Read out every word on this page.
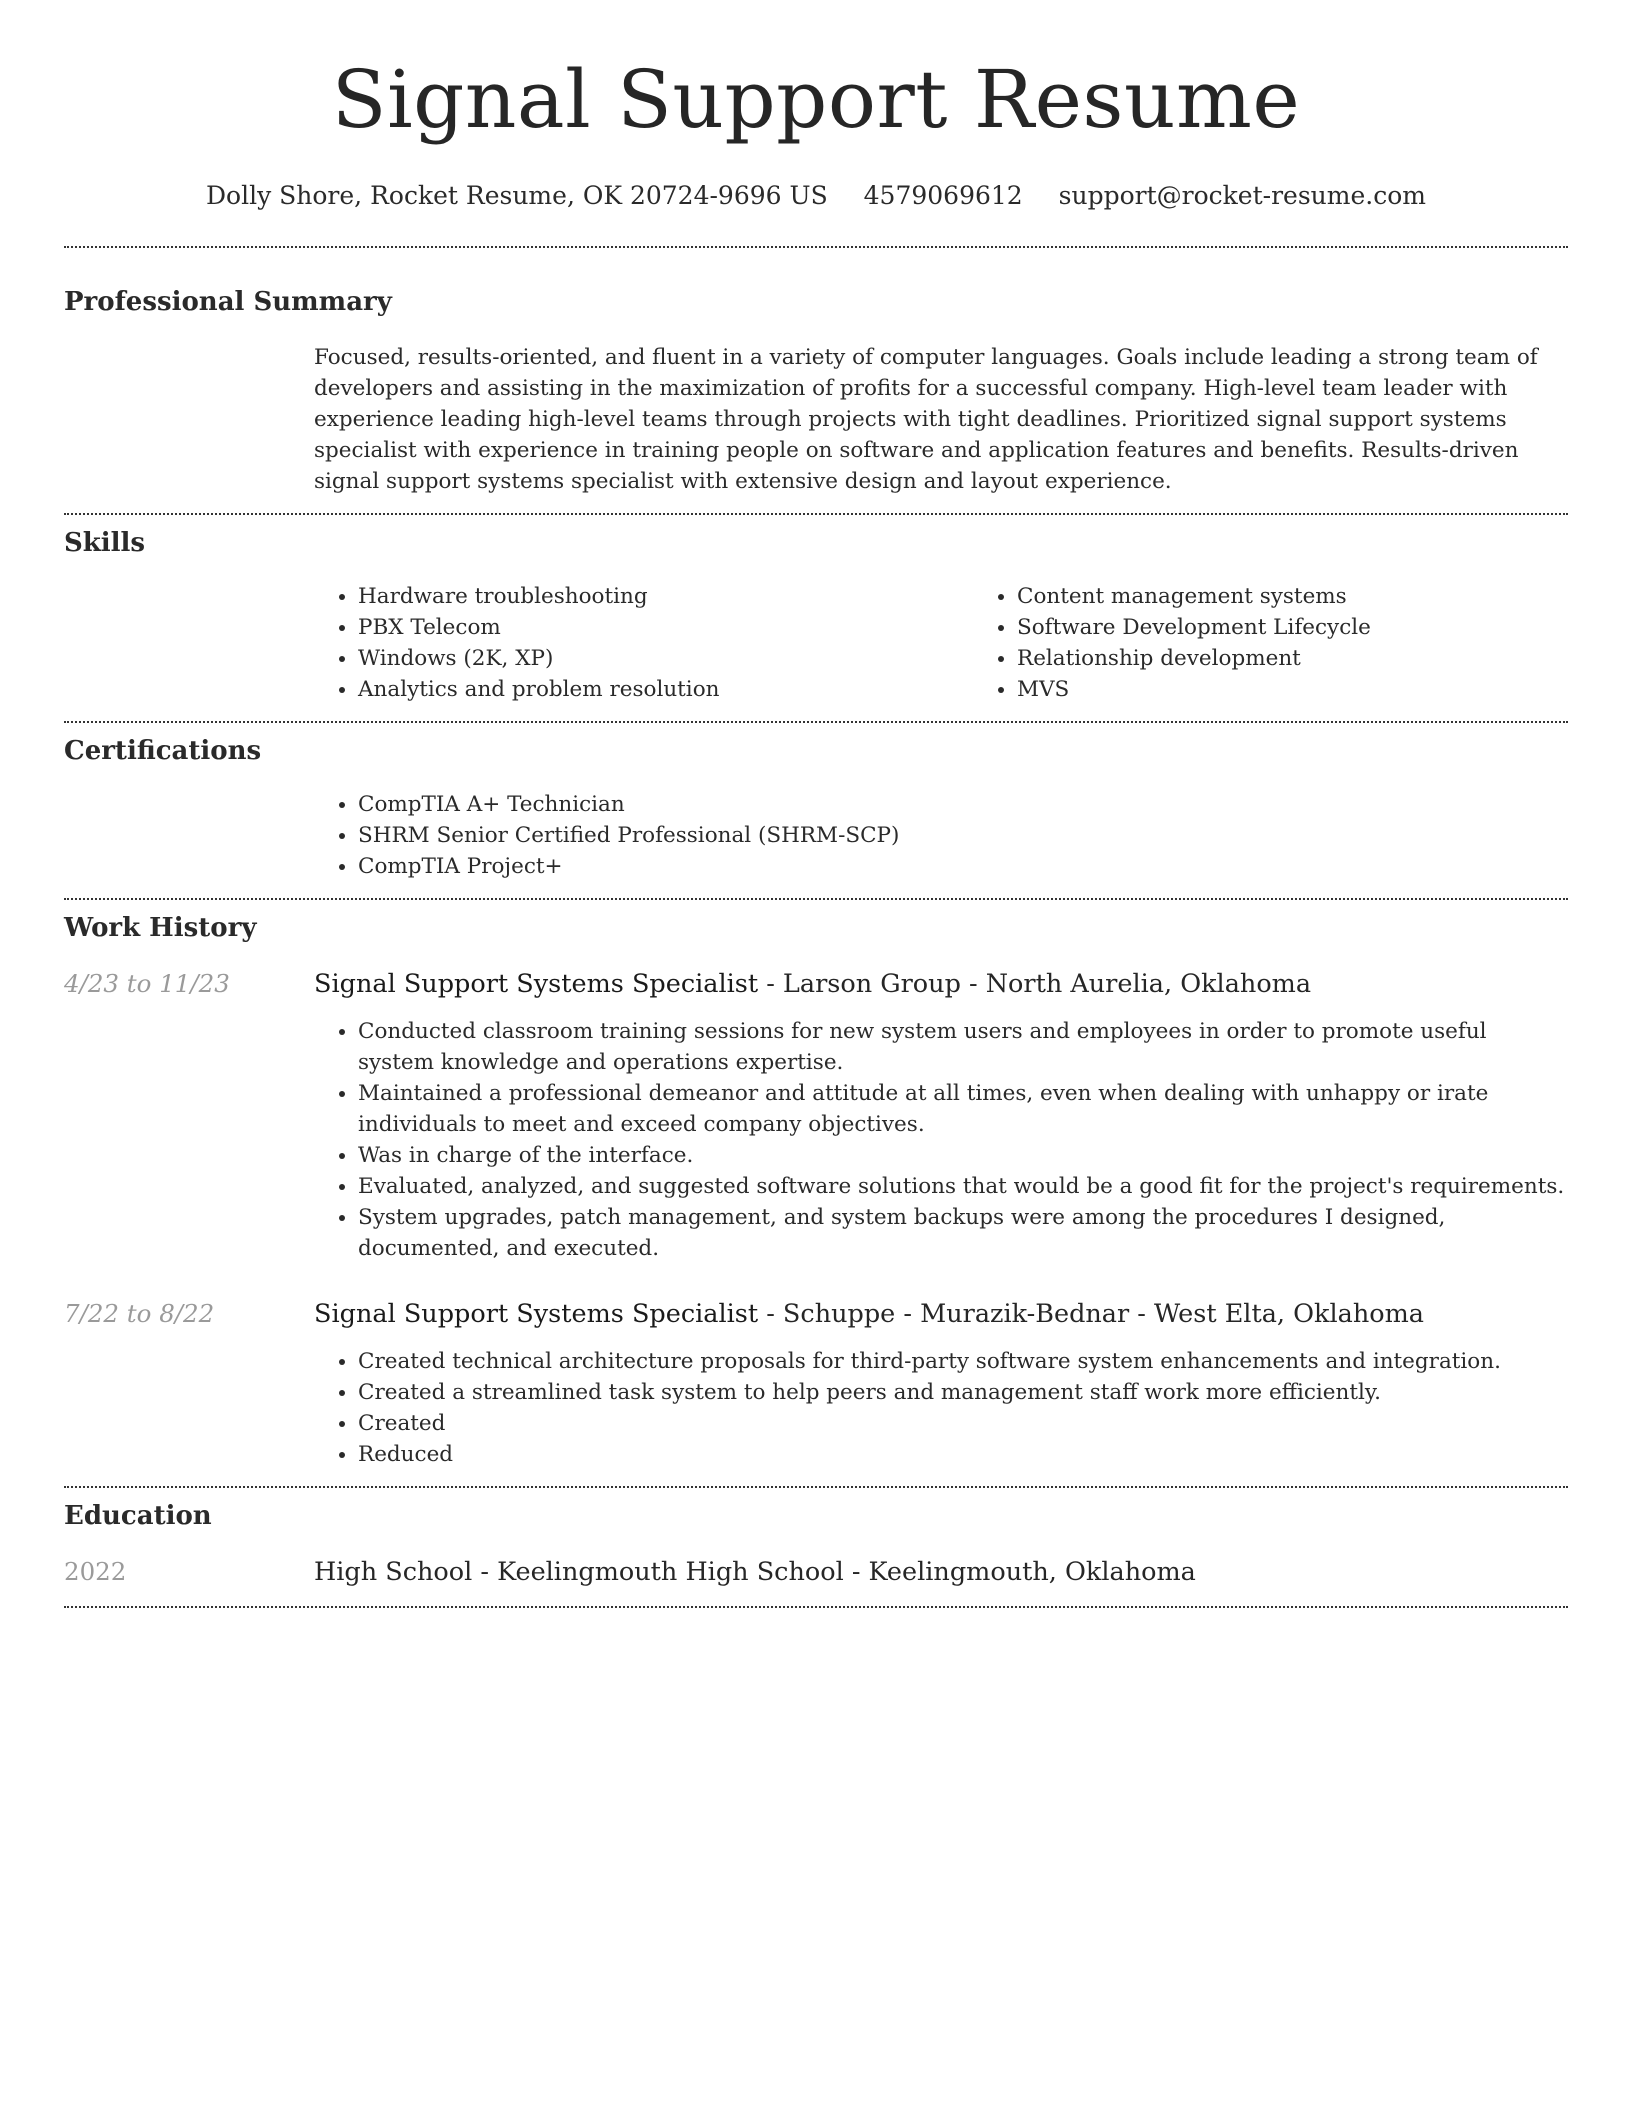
Signal Support Resume
Dolly Shore, Rocket Resume, OK 20724-9696 US 4579069612 support@rocket-resume.com
Professional Summary
Focused, results-oriented, and fluent in a variety of computer languages. Goals include leading a strong team of developers and assisting in the maximization of profits for a successful company. High-level team leader with experience leading high-level teams through projects with tight deadlines. Prioritized signal support systems specialist with experience in training people on software and application features and benefits. Results-driven signal support systems specialist with extensive design and layout experience.
Skills
• Hardware troubleshooting
• PBX Telecom
• Windows (2K, XP)
• Analytics and problem resolution
• Content management systems
• Software Development Lifecycle
• Relationship development
• MVS
Certifications
• CompTIA A+ Technician
• SHRM Senior Certified Professional (SHRM-SCP)
• CompTIA Project+
Work History
4/23 to 11/23	Signal Support Systems Specialist - Larson Group - North Aurelia, Oklahoma
• Conducted classroom training sessions for new system users and employees in order to promote useful system knowledge and operations expertise.
• Maintained a professional demeanor and attitude at all times, even when dealing with unhappy or irate individuals to meet and exceed company objectives.
• Was in charge of the interface.
• Evaluated, analyzed, and suggested software solutions that would be a good fit for the project's requirements.
• System upgrades, patch management, and system backups were among the procedures I designed, documented, and executed.
7/22 to 8/22	Signal Support Systems Specialist - Schuppe - Murazik-Bednar - West Elta, Oklahoma
• Created technical architecture proposals for third-party software system enhancements and integration.
• Created a streamlined task system to help peers and management staff work more efficiently.
• Created
• Reduced
Education
2022	High School - Keelingmouth High School - Keelingmouth, Oklahoma
